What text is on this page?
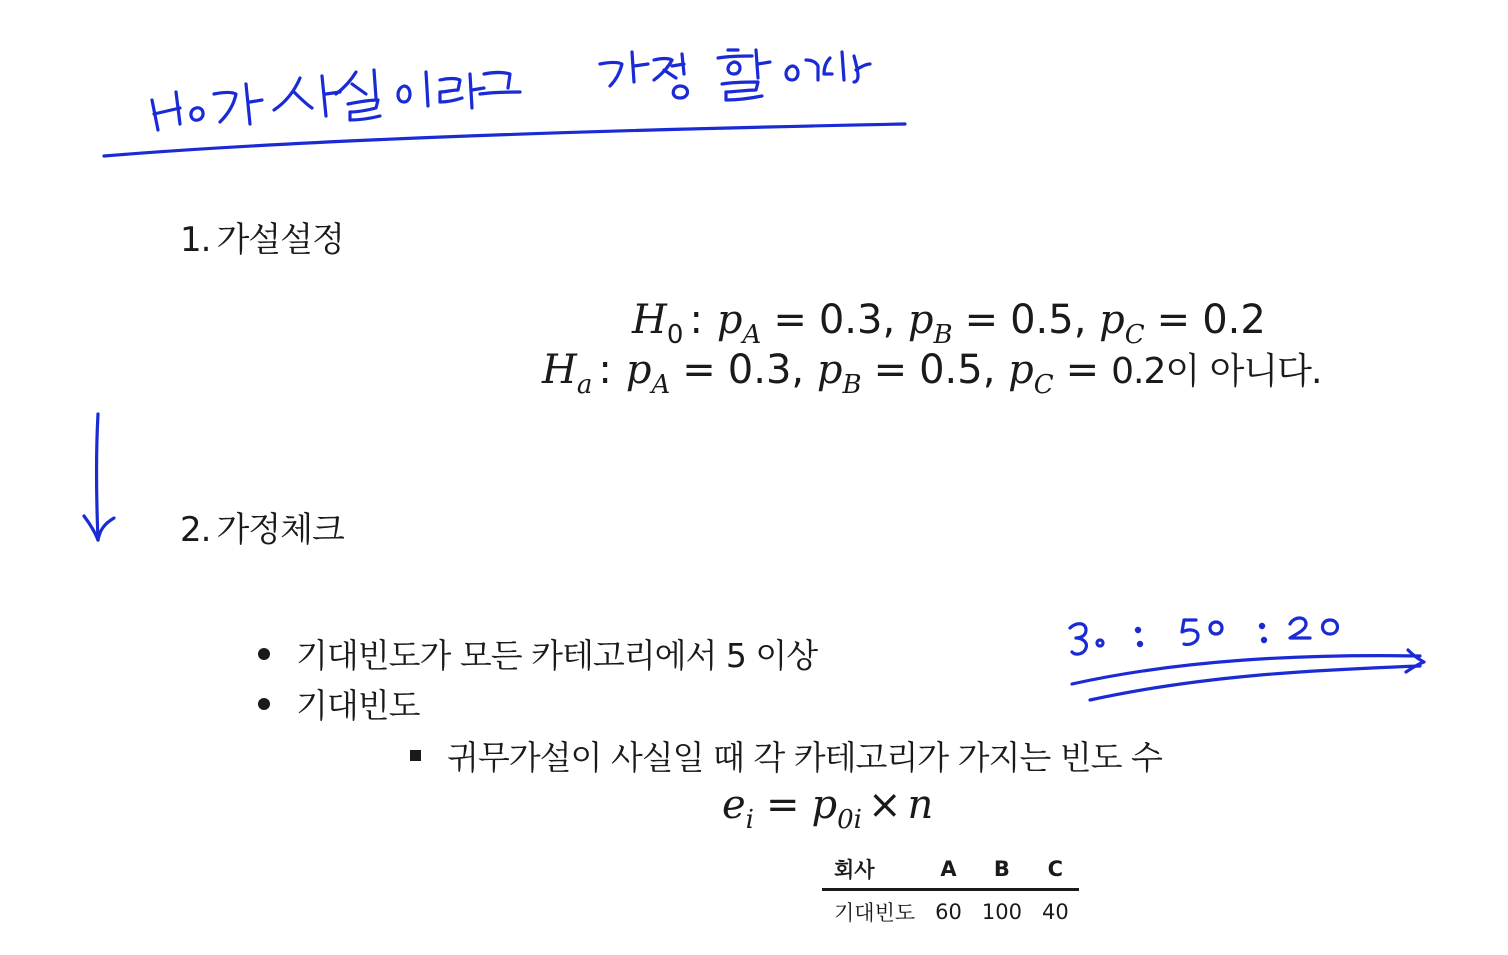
1. 가설설정
$H_0$ : $p_A = 0.3$, $p_B = 0.5$, $p_C = 0.2$
$H_a$ : $p_A = 0.3$, $p_B = 0.5$, $p_C = 0.2$이 아니다.
2. 가정체크
기대빈도가 모든 카테고리에서 5 이상
기대빈도
귀무가설이 사실일 때 각 카테고리가 가지는 빈도 수
$e_i = p_{0i} \times n$
회사	A	B	C
기대빈도	60	100	40
